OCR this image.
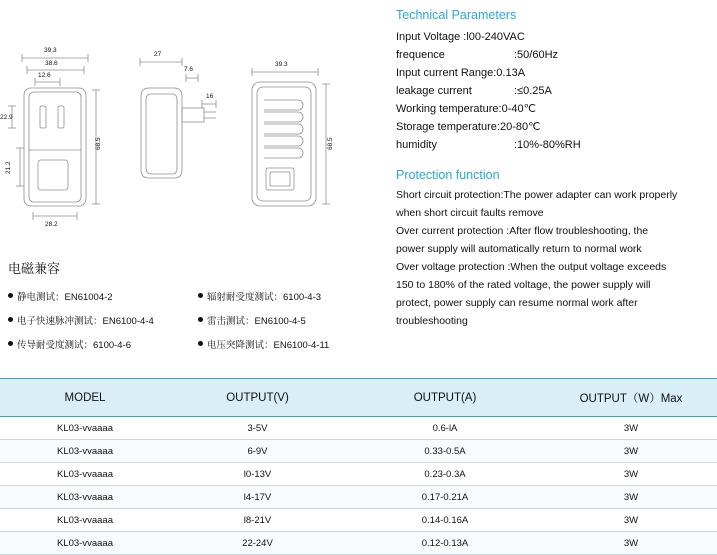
39.3
38.6
12.6
22.9
21.2
28.2
68.5
27
7.6
16
39.3
68.5
电磁兼容
静电测试：EN61004-2	辐射耐受度测试：6100-4-3
电子快速脉冲测试：EN6100-4-4	雷击测试：EN6100-4-5
传导耐受度测试：6100-4-6	电压突降测试：EN6100-4-11
Technical Parameters
Input Voltage : l00-240VAC
frequence	:50/60Hz
Input current Range: 0.13A
leakage current	:≤0.25A
Working temperature: 0-40℃
Storage temperature: 20-80℃
humidity	:10%-80%RH
Protection function

Short circuit protection:The power adapter can work properly

when short circuit faults remove

Over current protection :After flow troubleshooting, the

power supply will automatically return to normal work

Over voltage protection :When the output voltage exceeds

150 to 180% of the rated voltage, the power supply will

protect, power supply can resume normal work after

troubleshooting

MODEL	OUTPUT(V)	OUTPUT(A)	OUTPUT（W）Max
KL03-vvaaaa	3-5V	0.6-lA	3W
KL03-vvaaaa	6-9V	0.33-0.5A	3W
KL03-vvaaaa	l0-13V	0.23-0.3A	3W
KL03-vvaaaa	l4-17V	0.17-0.21A	3W
KL03-vvaaaa	l8-21V	0.14-0.16A	3W
KL03-vvaaaa	22-24V	0.12-0.13A	3W
